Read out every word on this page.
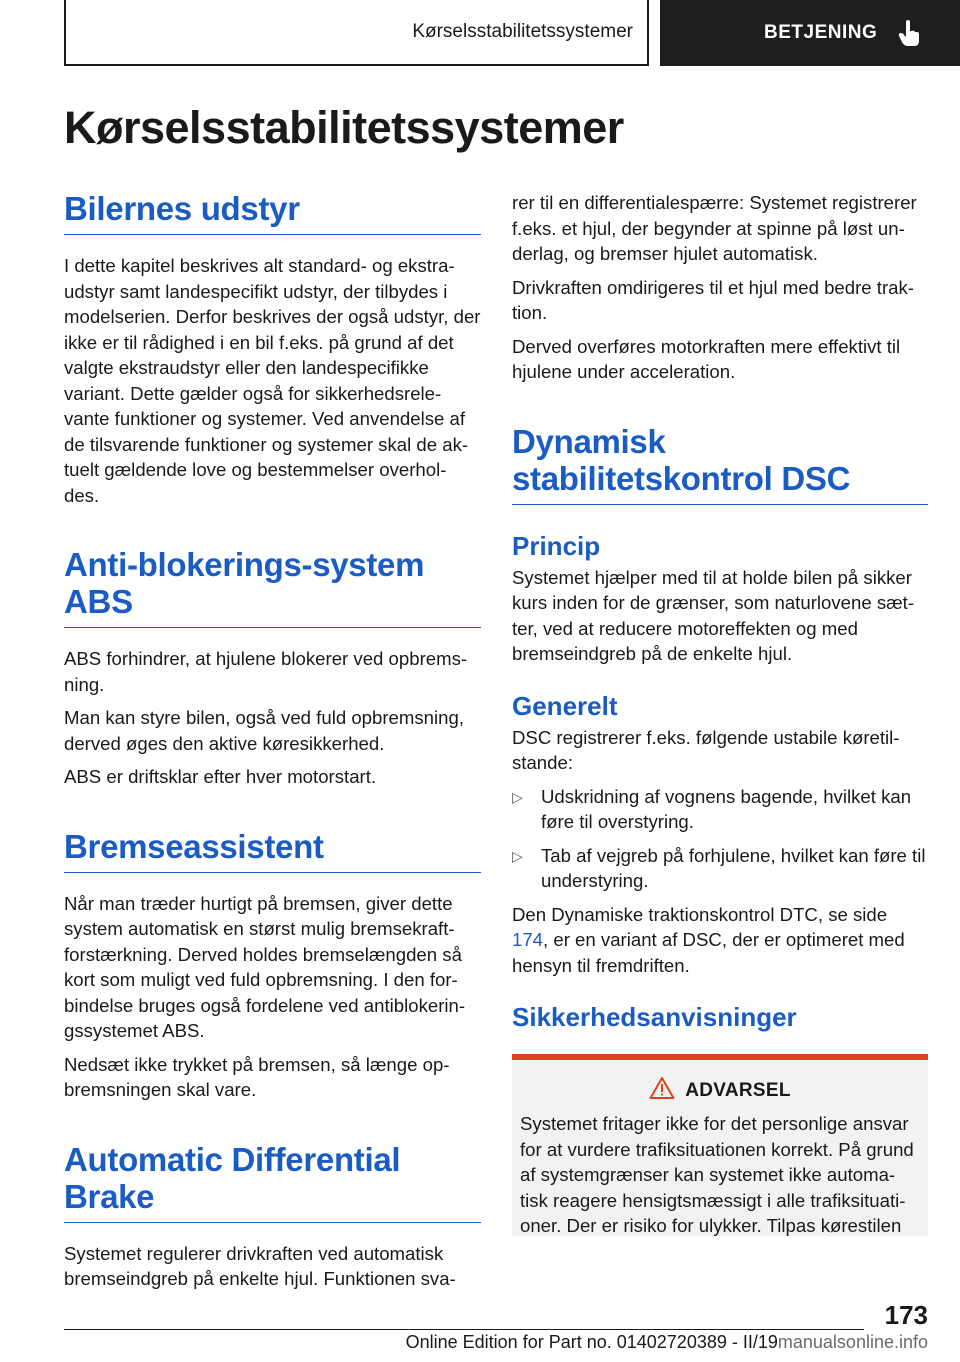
Kørselsstabilitetssystemer	BETJENING
Kørselsstabilitetssystemer
Bilernes udstyr

I dette kapitel beskrives alt standard- og ekstra-udstyr samt landespecifikt udstyr, der tilbydes i modelserien. Derfor beskrives der også udstyr, der ikke er til rådighed i en bil f.eks. på grund af det valgte ekstraudstyr eller den landespecifikke variant. Dette gælder også for sikkerhedsrele-vante funktioner og systemer. Ved anvendelse af de tilsvarende funktioner og systemer skal de ak-tuelt gældende love og bestemmelser overhol-des.

Anti-blokerings-system ABS

ABS forhindrer, at hjulene blokerer ved opbrems-ning.

Man kan styre bilen, også ved fuld opbremsning, derved øges den aktive køresikkerhed.

ABS er driftsklar efter hver motorstart.

Bremseassistent

Når man træder hurtigt på bremsen, giver dette system automatisk en størst mulig bremsekraft-forstærkning. Derved holdes bremselængden så kort som muligt ved fuld opbremsning. I den for-bindelse bruges også fordelene ved antiblokerin-gssystemet ABS.

Nedsæt ikke trykket på bremsen, så længe op-bremsningen skal vare.

Automatic Differential Brake

Systemet regulerer drivkraften ved automatisk bremseindgreb på enkelte hjul. Funktionen sva-

rer til en differentialespærre: Systemet registrerer f.eks. et hjul, der begynder at spinne på løst un-derlag, og bremser hjulet automatisk.

Drivkraften omdirigeres til et hjul med bedre trak-tion.

Derved overføres motorkraften mere effektivt til hjulene under acceleration.

Dynamisk stabilitetskontrol DSC
Princip

Systemet hjælper med til at holde bilen på sikker kurs inden for de grænser, som naturlovene sæt-ter, ved at reducere motoreffekten og med bremseindgreb på de enkelte hjul.

Generelt

DSC registrerer f.eks. følgende ustabile køretil-stande:

▷ Udskridning af vognens bagende, hvilket kan føre til overstyring.
▷ Tab af vejgreb på forhjulene, hvilket kan føre til understyring.

Den Dynamiske traktionskontrol DTC, se side 174, er en variant af DSC, der er optimeret med hensyn til fremdriften.

Sikkerhedsanvisninger
ADVARSEL

Systemet fritager ikke for det personlige ansvar for at vurdere trafiksituationen korrekt. På grund af systemgrænser kan systemet ikke automa-tisk reagere hensigtsmæssigt i alle trafiksituati-oner. Der er risiko for ulykker. Tilpas kørestilen

173
Online Edition for Part no. 01402720389 - II/19manualsonline.info
